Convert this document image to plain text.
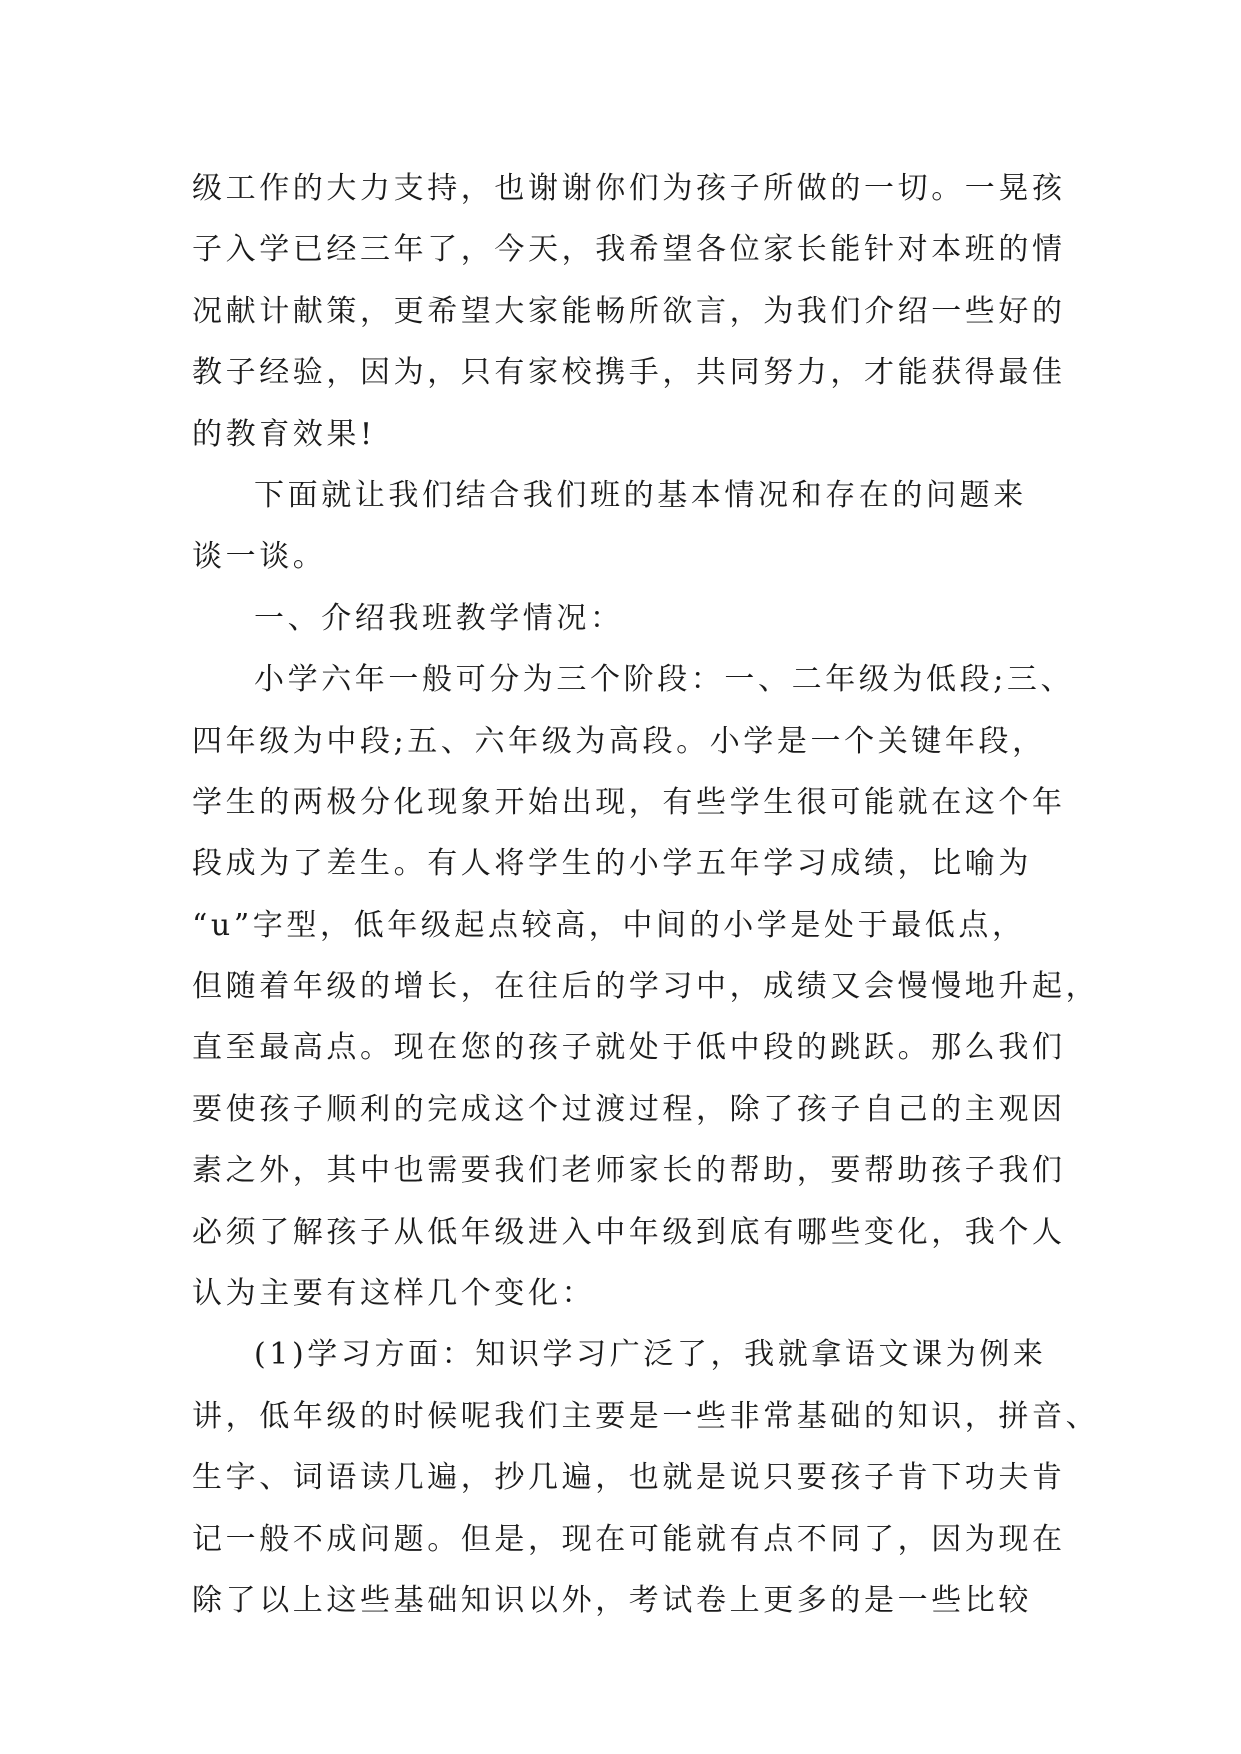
级工作的大力支持，也谢谢你们为孩子所做的一切。一晃孩
子入学已经三年了，今天，我希望各位家长能针对本班的情
况献计献策，更希望大家能畅所欲言，为我们介绍一些好的
教子经验，因为，只有家校携手，共同努力，才能获得最佳
的教育效果!
下面就让我们结合我们班的基本情况和存在的问题来
谈一谈。
一、介绍我班教学情况：
小学六年一般可分为三个阶段：一、二年级为低段;三、
四年级为中段;五、六年级为高段。小学是一个关键年段，
学生的两极分化现象开始出现，有些学生很可能就在这个年
段成为了差生。有人将学生的小学五年学习成绩，比喻为
“u”字型，低年级起点较高，中间的小学是处于最低点，
但随着年级的增长，在往后的学习中，成绩又会慢慢地升起，
直至最高点。现在您的孩子就处于低中段的跳跃。那么我们
要使孩子顺利的完成这个过渡过程，除了孩子自己的主观因
素之外，其中也需要我们老师家长的帮助，要帮助孩子我们
必须了解孩子从低年级进入中年级到底有哪些变化，我个人
认为主要有这样几个变化：
(1)学习方面：知识学习广泛了，我就拿语文课为例来
讲，低年级的时候呢我们主要是一些非常基础的知识，拼音、
生字、词语读几遍，抄几遍，也就是说只要孩子肯下功夫肯
记一般不成问题。但是，现在可能就有点不同了，因为现在
除了以上这些基础知识以外，考试卷上更多的是一些比较
